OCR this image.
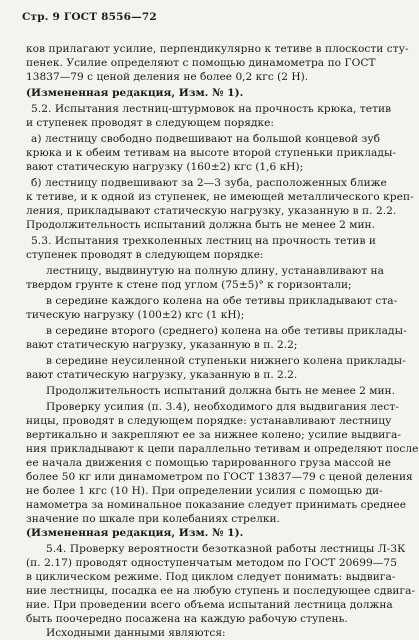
Стр. 9 ГОСТ 8556—72
ков прилагают усилие, перпендикулярно к тетиве в плоскости сту-
пенек. Усилие определяют с помощью динамометра по ГОСТ
13837—79 с ценой деления не более 0,2 кгс (2 Н).
(Измененная редакция, Изм. № 1).
5.2. Испытания лестниц-штурмовок на прочность крюка, тетив
и ступенек проводят в следующем порядке:
а) лестницу свободно подвешивают на большой концевой зуб
крюка и к обеим тетивам на высоте второй ступеньки приклады-
вают статическую нагрузку (160±2) кгс (1,6 кН);
б) лестницу подвешивают за 2—3 зуба, расположенных ближе
к тетиве, и к одной из ступенек, не имеющей металлического креп-
ления, прикладывают статическую нагрузку, указанную в п. 2.2.
Продолжительность испытаний должна быть не менее 2 мин.
5.3. Испытания трехколенных лестниц на прочность тетив и
ступенек проводят в следующем порядке:
лестницу, выдвинутую на полную длину, устанавливают на
твердом грунте к стене под углом (75±5)° к горизонтали;
в середине каждого колена на обе тетивы прикладывают ста-
тическую нагрузку (100±2) кгс (1 кН);
в середине второго (среднего) колена на обе тетивы приклады-
вают статическую нагрузку, указанную в п. 2.2;
в середине неусиленной ступеньки нижнего колена приклады-
вают статическую нагрузку, указанную в п. 2.2.
Продолжительность испытаний должна быть не менее 2 мин.
Проверку усилия (п. 3.4), необходимого для выдвигания лест-
ницы, проводят в следующем порядке: устанавливают лестницу
вертикально и закрепляют ее за нижнее колено; усилие выдвига-
ния прикладывают к цепи параллельно тетивам и определяют после
ее начала движения с помощью тарированного груза массой не
более 50 кг или динамометром по ГОСТ 13837—79 с ценой деления
не более 1 кгс (10 Н). При определении усилия с помощью ди-
намометра за номинальное показание следует принимать среднее
значение по шкале при колебаниях стрелки.
(Измененная редакция, Изм. № 1).
5.4. Проверку вероятности безотказной работы лестницы Л-3К
(п. 2.17) проводят одноступенчатым методом по ГОСТ 20699—75
в циклическом режиме. Под циклом следует понимать: выдвига-
ние лестницы, посадка ее на любую ступень и последующее сдвига-
ние. При проведении всего объема испытаний лестница должна
быть поочередно посажена на каждую рабочую ступень.
Исходными данными являются:
